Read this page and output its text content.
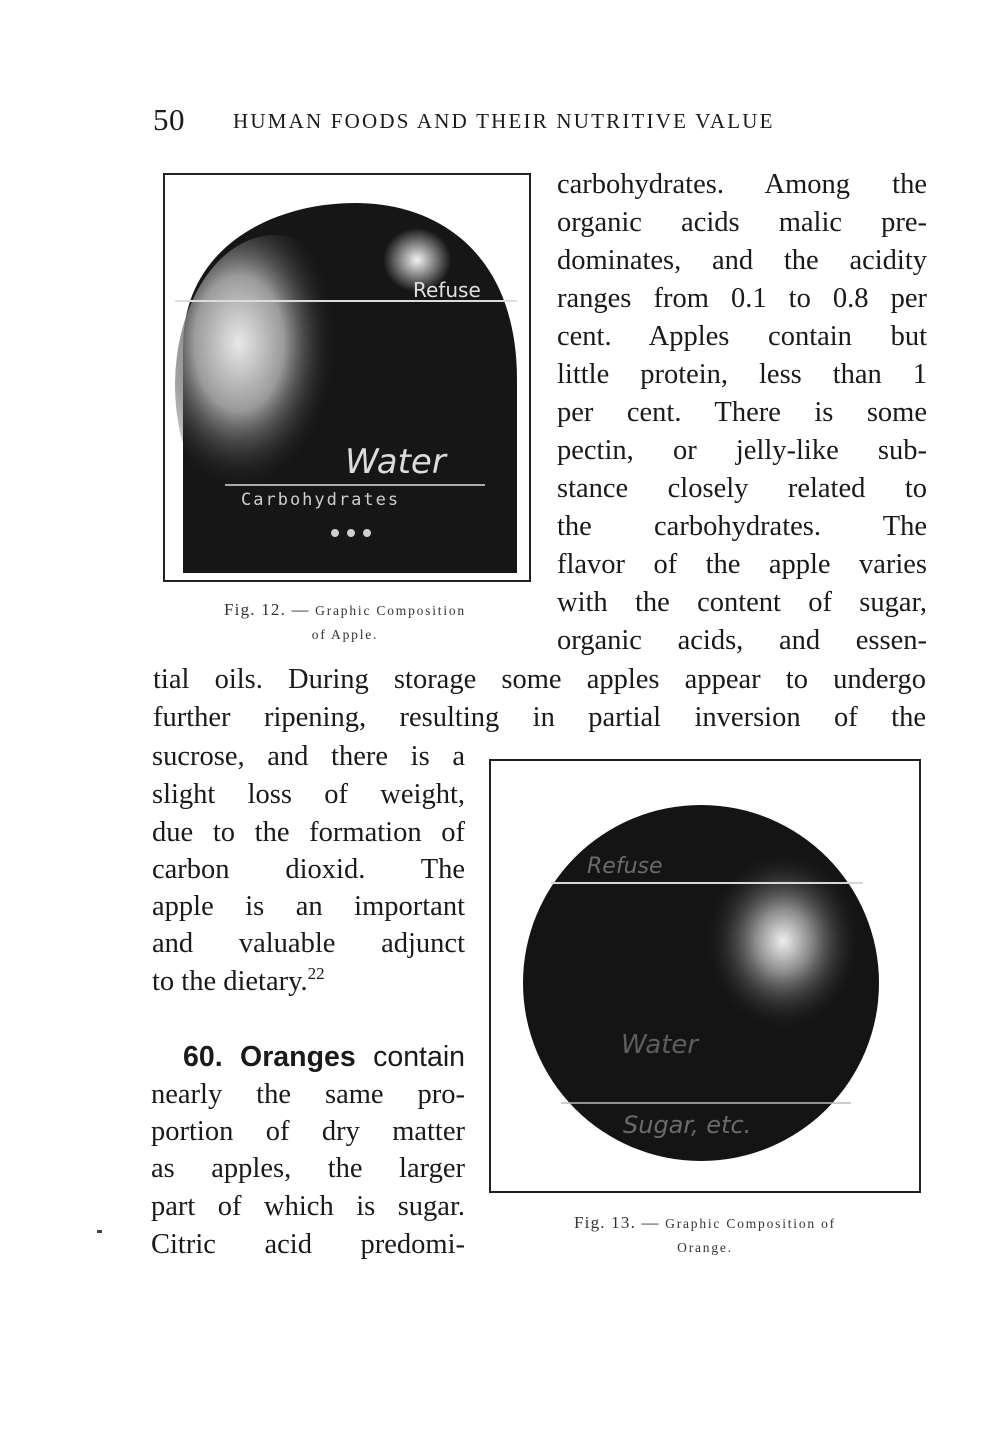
50 HUMAN FOODS AND THEIR NUTRITIVE VALUE
Refuse
Water
Carbohydrates
Fig. 12. — Graphic Composition
of Apple.
carbohydrates. Among the
organic acids malic pre-
dominates, and the acidity
ranges from 0.1 to 0.8 per
cent. Apples contain but
little protein, less than 1
per cent. There is some
pectin, or jelly-like sub-
stance closely related to
the carbohydrates. The
flavor of the apple varies
with the content of sugar,
organic acids, and essen-
tial oils. During storage some apples appear to undergo
further ripening, resulting in partial inversion of the
sucrose, and there is a
slight loss of weight,
due to the formation of
carbon dioxid. The
apple is an important
and valuable adjunct
to the dietary.$^{22}$
60. Oranges contain
nearly the same pro-
portion of dry matter
as apples, the larger
part of which is sugar.
Citric acid predomi-
Refuse
Water
Sugar, etc.
Fig. 13. — Graphic Composition of
Orange.
